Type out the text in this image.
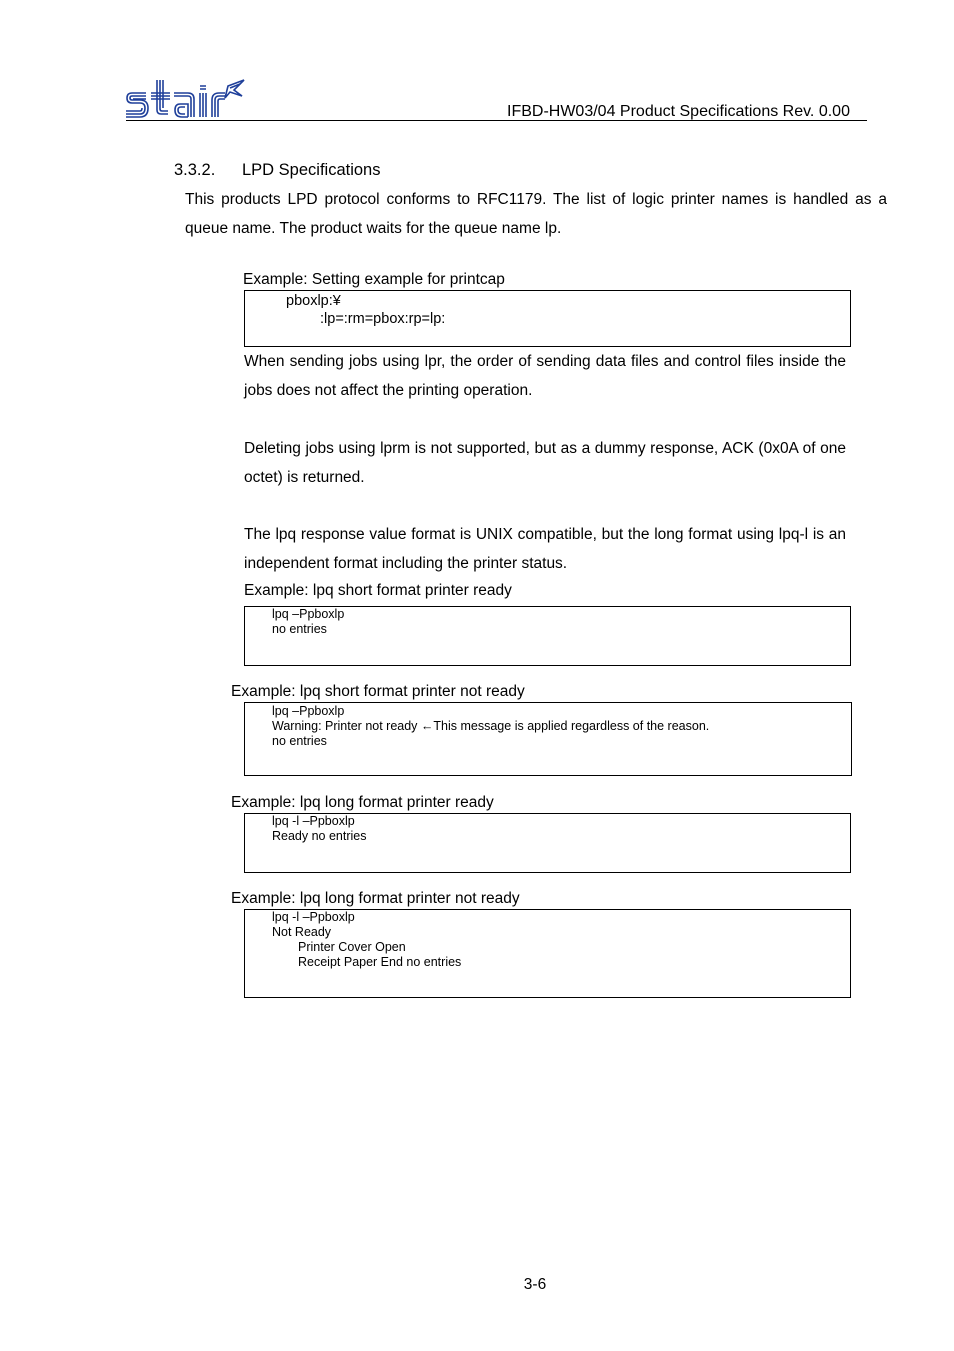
IFBD-HW03/04 Product Specifications Rev. 0.00
3.3.2. LPD Specifications
This products LPD protocol conforms to RFC1179. The list of logic printer names is handled as a queue name. The product waits for the queue name lp.
Example: Setting example for printcap
pboxlp:¥
:lp=:rm=pbox:rp=lp:
When sending jobs using lpr, the order of sending data files and control files inside the jobs does not affect the printing operation.
Deleting jobs using lprm is not supported, but as a dummy response, ACK (0x0A of one octet) is returned.
The lpq response value format is UNIX compatible, but the long format using lpq-l is an independent format including the printer status.
Example: lpq short format printer ready
lpq –Ppboxlp
no entries
Example: lpq short format printer not ready
lpq –Ppboxlp
Warning: Printer not ready ←This message is applied regardless of the reason.
no entries
Example: lpq long format printer ready
lpq -l –Ppboxlp
Ready no entries
Example: lpq long format printer not ready
lpq -l –Ppboxlp
Not Ready
Printer Cover Open
Receipt Paper End no entries
3-6
